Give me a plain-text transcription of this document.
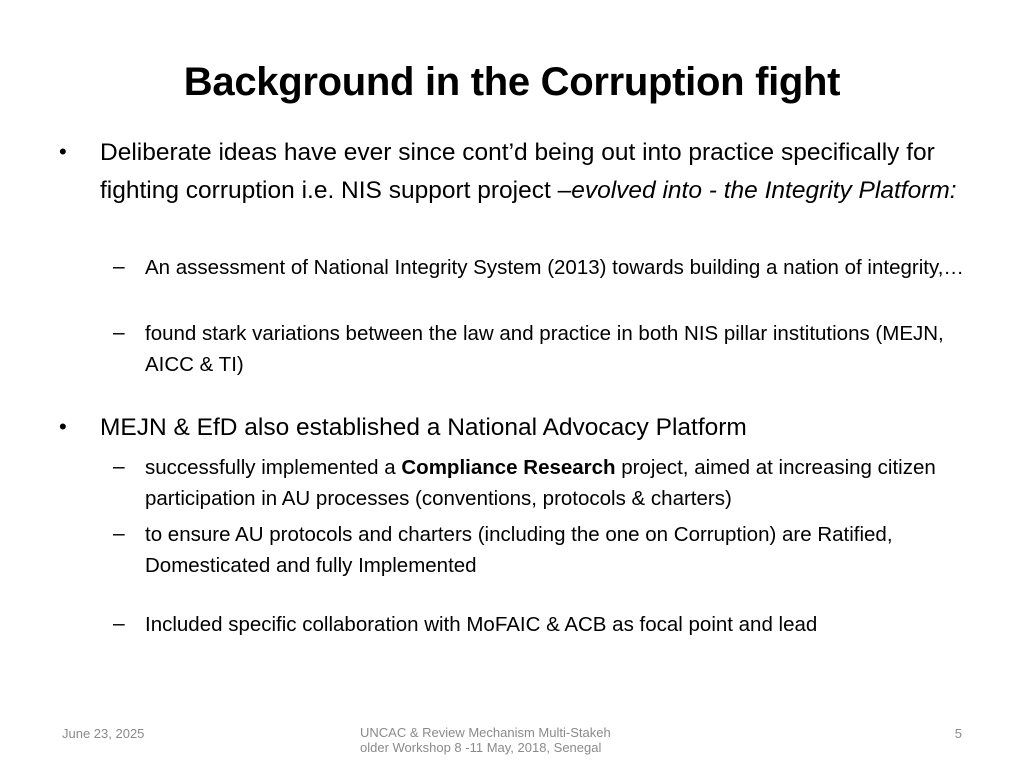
Background in the Corruption fight
• Deliberate ideas have ever since cont’d being out into practice specifically for fighting corruption i.e. NIS support project –evolved into - the Integrity Platform:
– An assessment of National Integrity System (2013) towards building a nation of integrity,…
– found stark variations between the law and practice in both NIS pillar institutions (MEJN, AICC & TI)
• MEJN & EfD also established a National Advocacy Platform
– successfully implemented a Compliance Research project, aimed at increasing citizen participation in AU processes (conventions, protocols & charters)
– to ensure AU protocols and charters (including the one on Corruption) are Ratified, Domesticated and fully Implemented
– Included specific collaboration with MoFAIC & ACB as focal point and lead
June 23, 2025	UNCAC & Review Mechanism Multi-Stakeh
older Workshop 8 -11 May, 2018, Senegal
5
